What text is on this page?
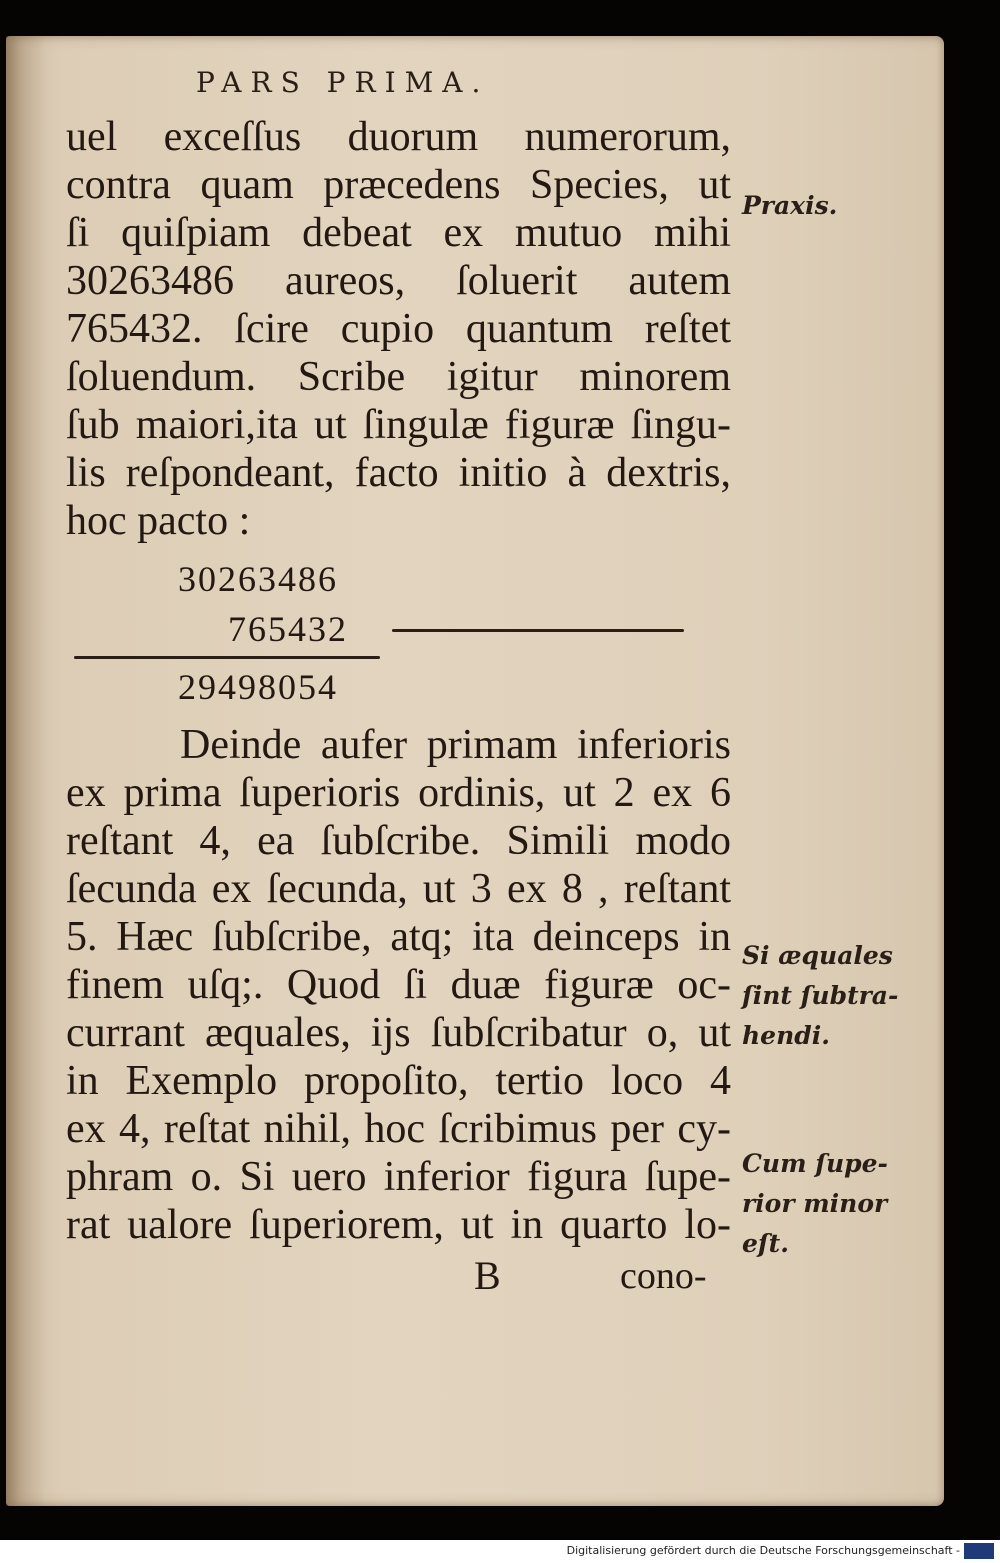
PARS PRIMA.
uel exceſſus duorum numerorum,
contra quam præcedens Species, ut
ſi quiſpiam debeat ex mutuo mihi
30263486 aureos, ſoluerit autem
765432. ſcire cupio quantum reſtet
ſoluendum. Scribe igitur minorem
ſub maiori,ita ut ſingulæ figuræ ſingu-
lis reſpondeant, facto initio à dextris,
hoc pacto :
30263486
765432
29498054
Deinde aufer primam inferioris
ex prima ſuperioris ordinis, ut 2 ex 6
reſtant 4, ea ſubſcribe. Simili modo
ſecunda ex ſecunda, ut 3 ex 8 , reſtant
5. Hæc ſubſcribe, atq; ita deinceps in
finem uſq;. Quod ſi duæ figuræ oc-
currant æquales, ijs ſubſcribatur o, ut
in Exemplo propoſito, tertio loco 4
ex 4, reſtat nihil, hoc ſcribimus per cy-
phram o. Si uero inferior figura ſupe-
rat ualore ſuperiorem, ut in quarto lo-
B	cono-
Praxis.
Si æquales
ſint ſubtra-
hendi.
Cum ſupe-
rior minor
eſt.
Digitalisierung gefördert durch die Deutsche Forschungsgemeinschaft -
